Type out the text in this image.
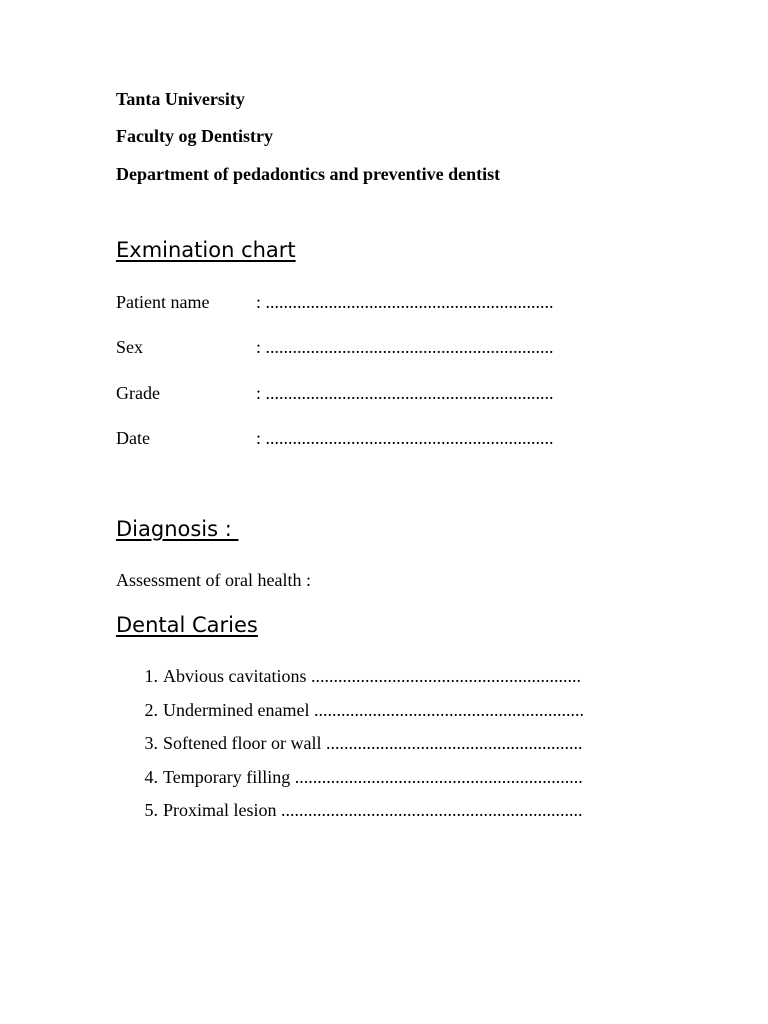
Tanta University
Faculty og Dentistry
Department of pedadontics and preventive dentist
Exmination chart
Patient name	: ................................................................
Sex	: ................................................................
Grade	: ................................................................
Date	: ................................................................
Diagnosis :
Assessment of oral health :
Dental Caries
1. Abvious cavitations ............................................................
2. Undermined enamel ............................................................
3. Softened floor or wall .........................................................
4. Temporary filling ................................................................
5. Proximal lesion ...................................................................
